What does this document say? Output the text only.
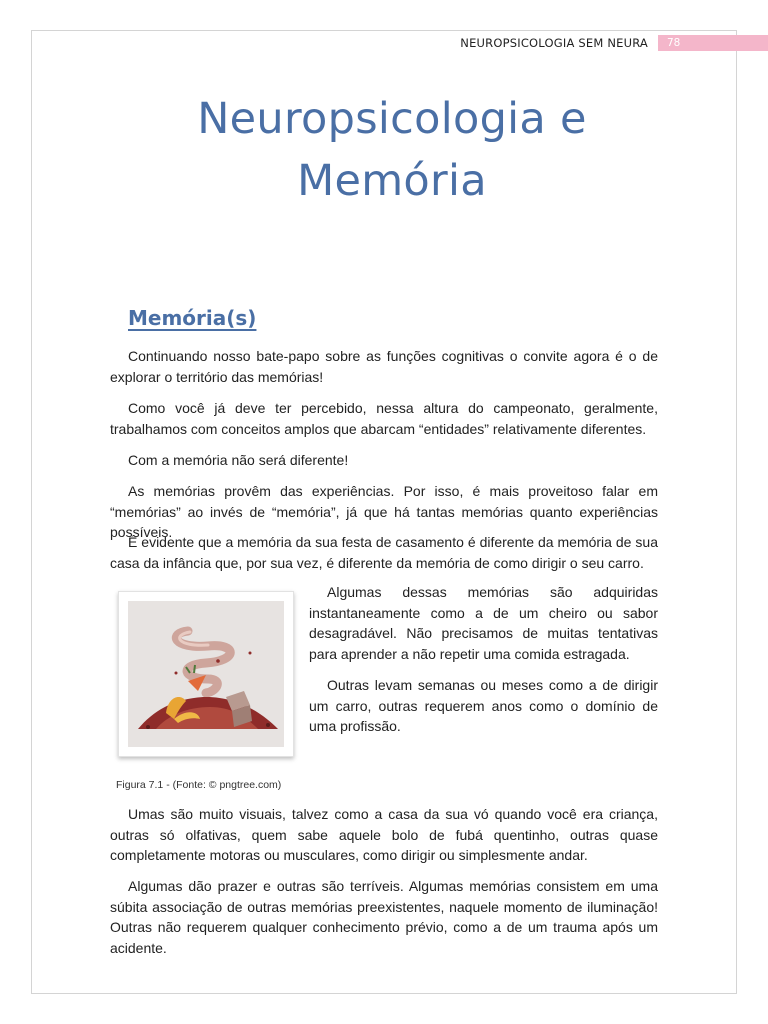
NEUROPSICOLOGIA SEM NEURA	78
Neuropsicologia e
Memória
Memória(s)

Continuando nosso bate-papo sobre as funções cognitivas o convite agora é o de explorar o território das memórias!

Como você já deve ter percebido, nessa altura do campeonato, geralmente, trabalhamos com conceitos amplos que abarcam “entidades” relativamente diferentes.

Com a memória não será diferente!

As memórias provêm das experiências. Por isso, é mais proveitoso falar em “memórias” ao invés de “memória”, já que há tantas memórias quanto experiências possíveis.

É evidente que a memória da sua festa de casamento é diferente da memória de sua casa da infância que, por sua vez, é diferente da memória de como dirigir o seu carro.

Algumas dessas memórias são adquiridas instantaneamente como a de um cheiro ou sabor desagradável. Não precisamos de muitas tentativas para aprender a não repetir uma comida estragada.

Outras levam semanas ou meses como a de dirigir um carro, outras requerem anos como o domínio de uma profissão.

Figura 7.1 - (Fonte: © pngtree.com)

Umas são muito visuais, talvez como a casa da sua vó quando você era criança, outras só olfativas, quem sabe aquele bolo de fubá quentinho, outras quase completamente motoras ou musculares, como dirigir ou simplesmente andar.

Algumas dão prazer e outras são terríveis. Algumas memórias consistem em uma súbita associação de outras memórias preexistentes, naquele momento de iluminação! Outras não requerem qualquer conhecimento prévio, como a de um trauma após um acidente.
